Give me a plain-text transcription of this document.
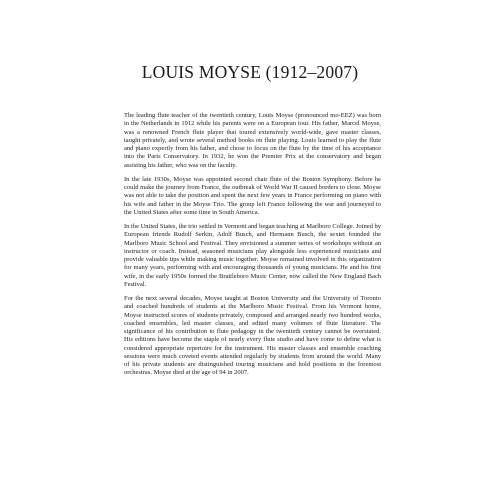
LOUIS MOYSE (1912–2007)

The leading flute teacher of the twentieth century, Louis Moyse (pronounced mo-EEZ) was born in the Netherlands in 1912 while his parents were on a European tour. His father, Marcel Moyse, was a renowned French flute player that toured extensively world-wide, gave master classes, taught privately, and wrote several method books on flute playing. Louis learned to play the flute and piano expertly from his father, and chose to focus on the flute by the time of his acceptance into the Paris Conservatory. In 1932, he won the Premier Prix at the conservatory and began assisting his father, who was on the faculty.

In the late 1930s, Moyse was appointed second chair flute of the Boston Symphony. Before he could make the journey from France, the outbreak of World War II caused borders to close. Moyse was not able to take the position and spent the next few years in France performing on piano with his wife and father in the Moyse Trio. The group left France following the war and journeyed to the United States after some time in South America.

In the United States, the trio settled in Vermont and began teaching at Marlboro College. Joined by European friends Rudolf Serkin, Adolf Busch, and Hermann Busch, the sextet founded the Marlboro Music School and Festival. They envisioned a summer series of workshops without an instructor or coach. Instead, seasoned musicians play alongside less experienced musicians and provide valuable tips while making music together. Moyse remained involved in this organization for many years, performing with and encouraging thousands of young musicians. He and his first wife, in the early 1950s formed the Brattleboro Music Center, now called the New England Bach Festival.

For the next several decades, Moyse taught at Boston University and the University of Toronto and coached hundreds of students at the Marlboro Music Festival. From his Vermont home, Moyse instructed scores of students privately, composed and arranged nearly two hundred works, coached ensembles, led master classes, and edited many volumes of flute literature. The significance of his contribution to flute pedagogy in the twentieth century cannot be overstated. His editions have become the staple of nearly every flute studio and have come to define what is considered appropriate repertoire for the instrument. His master classes and ensemble coaching sessions were much coveted events attended regularly by students from around the world. Many of his private students are distinguished touring musicians and hold positions in the foremost orchestras. Moyse died at the age of 94 in 2007.
